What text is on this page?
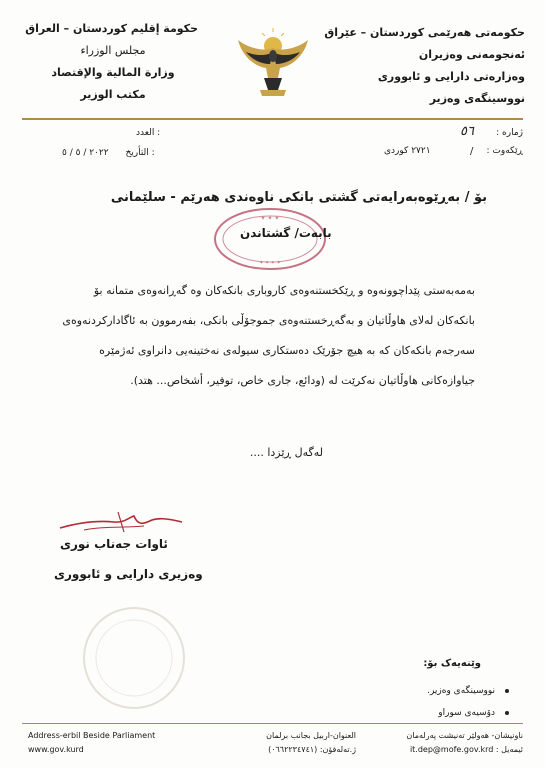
حکومەتی هەرێمی کوردستان – عێراق
ئەنجومەنی وەزیران
وەزارەتی دارایی و ئابووری
نووسینگەی وەزیر
حكومة إقليم كوردستان – العراق
مجلس الوزراء
وزارة المالية والإقتصاد
مكتب الوزير
ژمارە :
٥٦
ڕێکەوت :
/
٢٧٢١ کوردی
: العدد
: التأريخ ٢٠٢٢ / ٥ / ٥
بۆ / بەڕێوەبەرایەتی گشتی بانکی ناوەندی هەرێم - سلێمانی
✦ ✦ ✦
✦ ✦ ✦ ✦
بابەت/ گشتاندن
بەمەبەستی پێداچوونەوە و ڕێکخستنەوەی کاروباری بانکەکان وە گەڕانەوەی متمانە بۆ
بانکەکان لەلای هاوڵاتیان و بەگەڕخستنەوەی جموجۆڵی بانکی، بفەرموون بە ئاگادارکردنەوەی
سەرجەم بانکەکان کە بە هیچ جۆرێک دەستکاری سیولەی نەختینەیی دانراوی ئەژمێرە
جیاوازەکانی هاوڵاتیان نەکرێت لە (ودائع، جاری خاص، توفیر، أشخاص... هتد).
لەگەل ڕێزدا ....
ئاوات جەناب نوری
وەزیری دارایی و ئابووری
وێنەیەک بۆ:
نووسینگەی وەزیر.
دۆسیەی سوراو
Address-erbil Beside Parliament
www.gov.kurd
العنوان-اربیل بجانب برلمان
ژ.تەلەفۆن: (٠٦٦٢٢٣٤٧٤١)
ناونیشان- هەولێر تەنیشت پەرلەمان
ئیمەیل : it.dep@mofe.gov.krd
